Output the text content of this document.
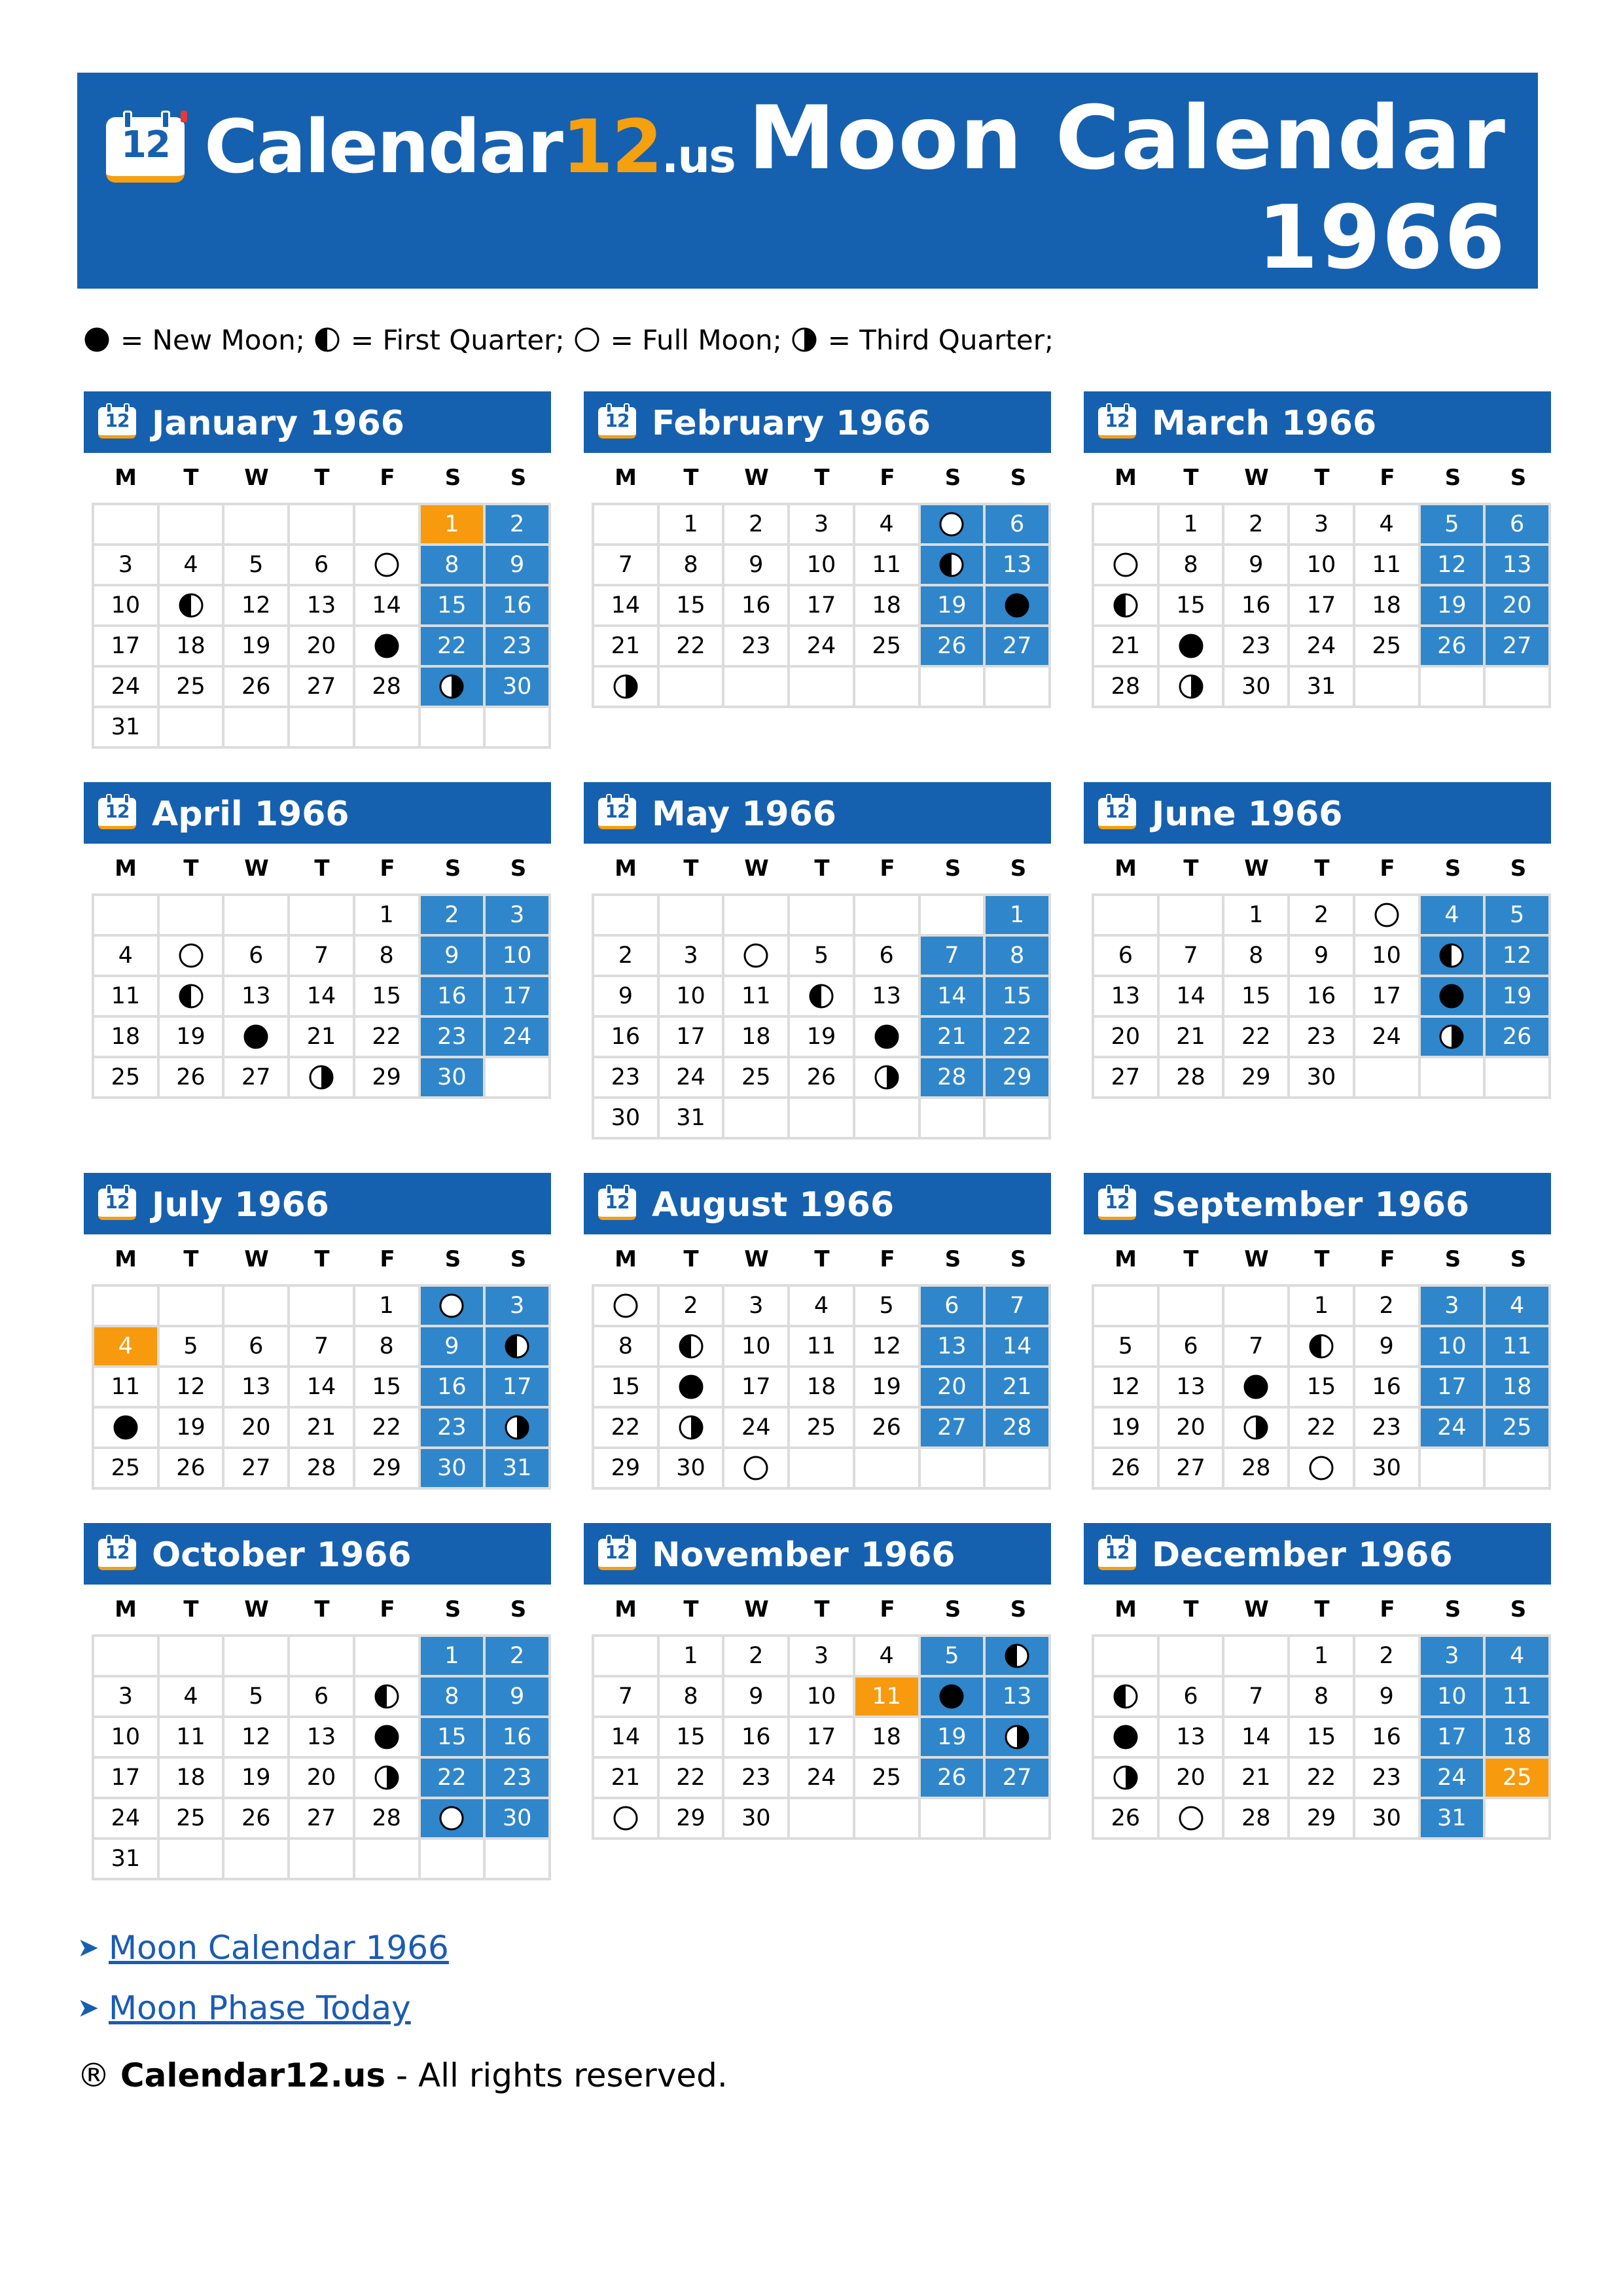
12 Calendar12.us Moon Calendar
1966
= New Moon; = First Quarter; = Full Moon; = Third Quarter;
12 January 1966
M	T	W	T	F	S	S
					1	2
3	4	5	6		8	9
10		12	13	14	15	16
17	18	19	20		22	23
24	25	26	27	28		30
31						
12 February 1966
M	T	W	T	F	S	S
	1	2	3	4		6
7	8	9	10	11		13
14	15	16	17	18	19	

21	22	23	24	25	26	27

12 March 1966
M	T	W	T	F	S	S
	1	2	3	4	5	6

	8	9	10	11	12	13

	15	16	17	18	19	20
21		23	24	25	26	27
28		30	31			
12 April 1966
M	T	W	T	F	S	S
				1	2	3
4		6	7	8	9	10
11		13	14	15	16	17
18	19		21	22	23	24
25	26	27		29	30	
12 May 1966
M	T	W	T	F	S	S
						1
2	3		5	6	7	8
9	10	11		13	14	15
16	17	18	19		21	22
23	24	25	26		28	29
30	31					
12 June 1966
M	T	W	T	F	S	S
		1	2		4	5
6	7	8	9	10		12
13	14	15	16	17		19
20	21	22	23	24		26
27	28	29	30			
12 July 1966
M	T	W	T	F	S	S
				1		3
4	5	6	7	8	9	

11	12	13	14	15	16	17

	19	20	21	22	23	

25	26	27	28	29	30	31
12 August 1966
M	T	W	T	F	S	S
	2	3	4	5	6	7
8		10	11	12	13	14
15		17	18	19	20	21
22		24	25	26	27	28
29	30	

12 September 1966
M	T	W	T	F	S	S
			1	2	3	4
5	6	7		9	10	11
12	13		15	16	17	18
19	20		22	23	24	25
26	27	28		30		
12 October 1966
M	T	W	T	F	S	S
					1	2
3	4	5	6		8	9
10	11	12	13		15	16
17	18	19	20		22	23
24	25	26	27	28		30
31						
12 November 1966
M	T	W	T	F	S	S
	1	2	3	4	5	

7	8	9	10	11		13
14	15	16	17	18	19	

21	22	23	24	25	26	27

	29	30				
12 December 1966
M	T	W	T	F	S	S
			1	2	3	4

	6	7	8	9	10	11

	13	14	15	16	17	18

	20	21	22	23	24	25
26		28	29	30	31	
➤ Moon Calendar 1966
➤ Moon Phase Today
® Calendar12.us - All rights reserved.
